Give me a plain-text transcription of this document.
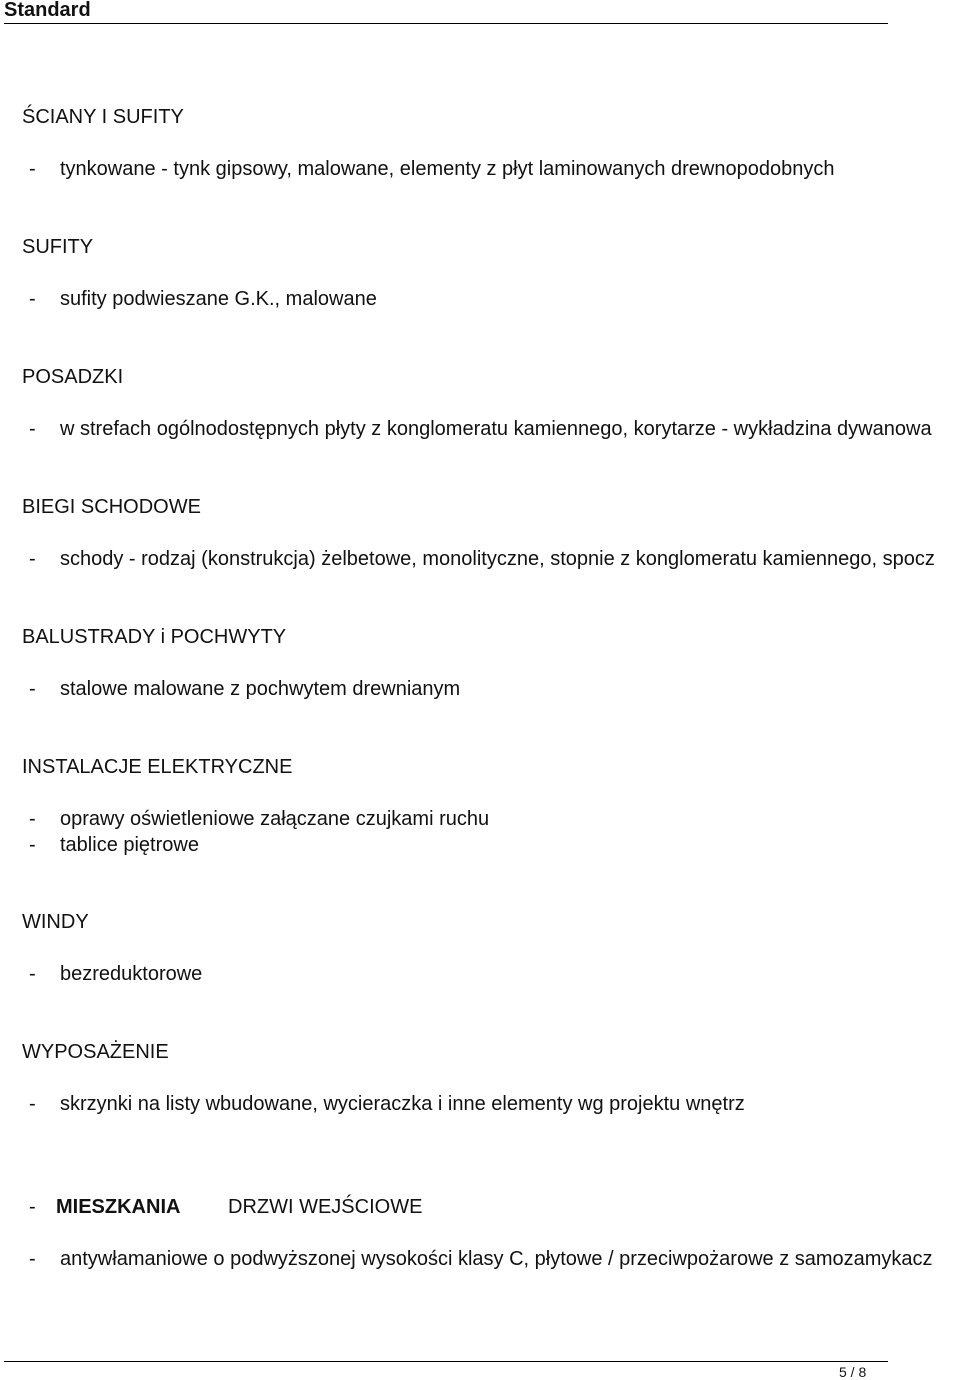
Standard
ŚCIANY I SUFITY
- tynkowane - tynk gipsowy, malowane, elementy z płyt laminowanych drewnopodobnych
SUFITY
- sufity podwieszane G.K., malowane
POSADZKI
- w strefach ogólnodostępnych płyty z konglomeratu kamiennego, korytarze - wykładzina dywanowa
BIEGI SCHODOWE
- schody - rodzaj (konstrukcja) żelbetowe, monolityczne, stopnie z konglomeratu kamiennego, spocz
BALUSTRADY i POCHWYTY
- stalowe malowane z pochwytem drewnianym
INSTALACJE ELEKTRYCZNE
- oprawy oświetleniowe załączane czujkami ruchu
- tablice piętrowe
WINDY
- bezreduktorowe
WYPOSAŻENIE
- skrzynki na listy wbudowane, wycieraczka i inne elementy wg projektu wnętrz
- MIESZKANIA DRZWI WEJŚCIOWE
- antywłamaniowe o podwyższonej wysokości klasy C, płytowe / przeciwpożarowe z samozamykacz
5 / 8
